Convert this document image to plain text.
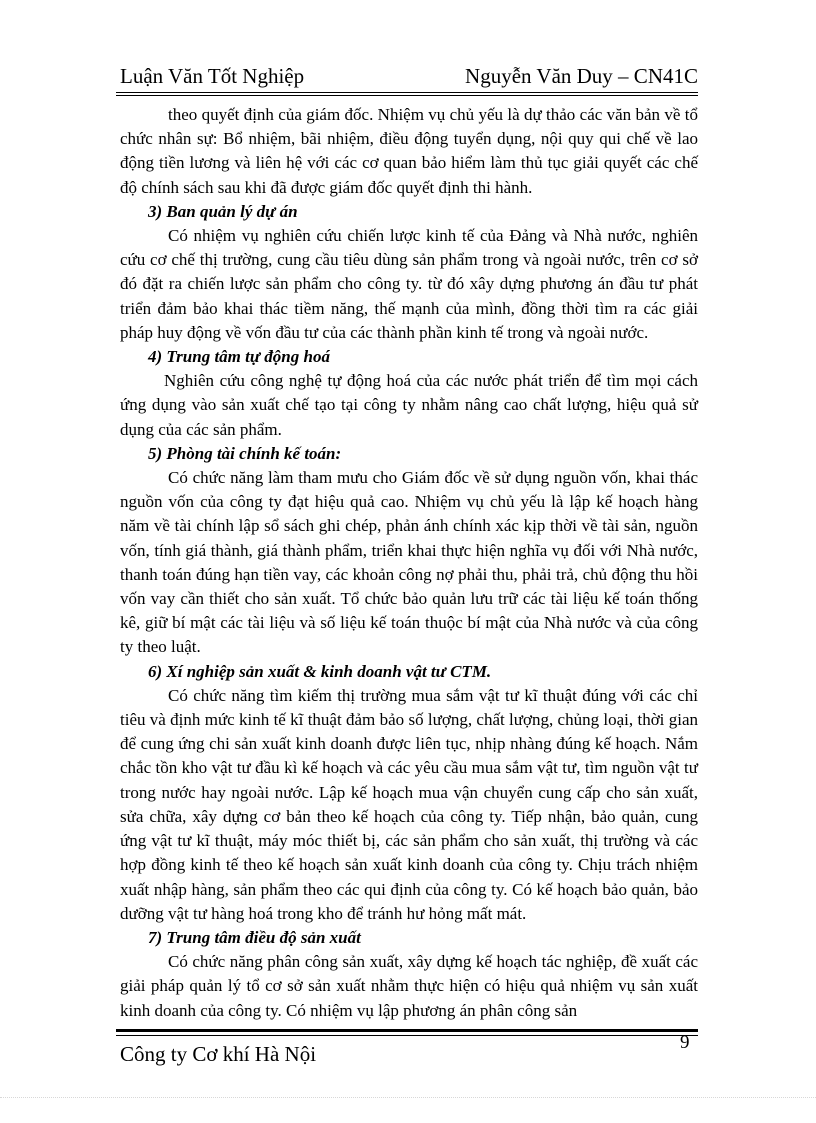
Luận Văn Tốt Nghiệp	Nguyễn Văn Duy – CN41C

theo quyết định của giám đốc. Nhiệm vụ chủ yếu là dự thảo các văn bản về tổ chức nhân sự: Bổ nhiệm, bãi nhiệm, điều động tuyển dụng, nội quy qui chế về lao động tiền lương và liên hệ với các cơ quan bảo hiểm làm thủ tục giải quyết các chế độ chính sách sau khi đã được giám đốc quyết định thi hành.

3) Ban quản lý dự án

Có nhiệm vụ nghiên cứu chiến lược kinh tế của Đảng và Nhà nước, nghiên cứu cơ chế thị trường, cung cầu tiêu dùng sản phẩm trong và ngoài nước, trên cơ sở đó đặt ra chiến lược sản phẩm cho công ty. từ đó xây dựng phương án đầu tư phát triển đảm bảo khai thác tiềm năng, thế mạnh của mình, đồng thời tìm ra các giải pháp huy động về vốn đầu tư của các thành phần kinh tế trong và ngoài nước.

4) Trung tâm tự động hoá

Nghiên cứu công nghệ tự động hoá của các nước phát triển để tìm mọi cách ứng dụng vào sản xuất chế tạo tại công ty nhằm nâng cao chất lượng, hiệu quả sử dụng của các sản phẩm.

5) Phòng tài chính kế toán:

Có chức năng làm tham mưu cho Giám đốc về sử dụng nguồn vốn, khai thác nguồn vốn của công ty đạt hiệu quả cao. Nhiệm vụ chủ yếu là lập kế hoạch hàng năm về tài chính lập sổ sách ghi chép, phản ánh chính xác kịp thời về tài sản, nguồn vốn, tính giá thành, giá thành phẩm, triển khai thực hiện nghĩa vụ đối với Nhà nước, thanh toán đúng hạn tiền vay, các khoản công nợ phải thu, phải trả, chủ động thu hồi vốn vay cần thiết cho sản xuất. Tổ chức bảo quản lưu trữ các tài liệu kế toán thống kê, giữ bí mật các tài liệu và số liệu kế toán thuộc bí mật của Nhà nước và của công ty theo luật.

6) Xí nghiệp sản xuất & kinh doanh vật tư CTM.

Có chức năng tìm kiếm thị trường mua sắm vật tư kĩ thuật đúng với các chỉ tiêu và định mức kinh tế kĩ thuật đảm bảo số lượng, chất lượng, chủng loại, thời gian để cung ứng chi sản xuất kinh doanh được liên tục, nhịp nhàng đúng kế hoạch. Nắm chắc tồn kho vật tư đầu kì kế hoạch và các yêu cầu mua sắm vật tư, tìm nguồn vật tư trong nước hay ngoài nước. Lập kế hoạch mua vận chuyển cung cấp cho sản xuất, sửa chữa, xây dựng cơ bản theo kế hoạch của công ty. Tiếp nhận, bảo quản, cung ứng vật tư kĩ thuật, máy móc thiết bị, các sản phẩm cho sản xuất, thị trường và các hợp đồng kinh tế theo kế hoạch sản xuất kinh doanh của công ty. Chịu trách nhiệm xuất nhập hàng, sản phẩm theo các qui định của công ty. Có kế hoạch bảo quản, bảo dưỡng vật tư hàng hoá trong kho để tránh hư hỏng mất mát.

7) Trung tâm điều độ sản xuất

Có chức năng phân công sản xuất, xây dựng kế hoạch tác nghiệp, đề xuất các giải pháp quản lý tổ cơ sở sản xuất nhằm thực hiện có hiệu quả nhiệm vụ sản xuất kinh doanh của công ty. Có nhiệm vụ lập phương án phân công sản

Công ty Cơ khí Hà Nội	9
